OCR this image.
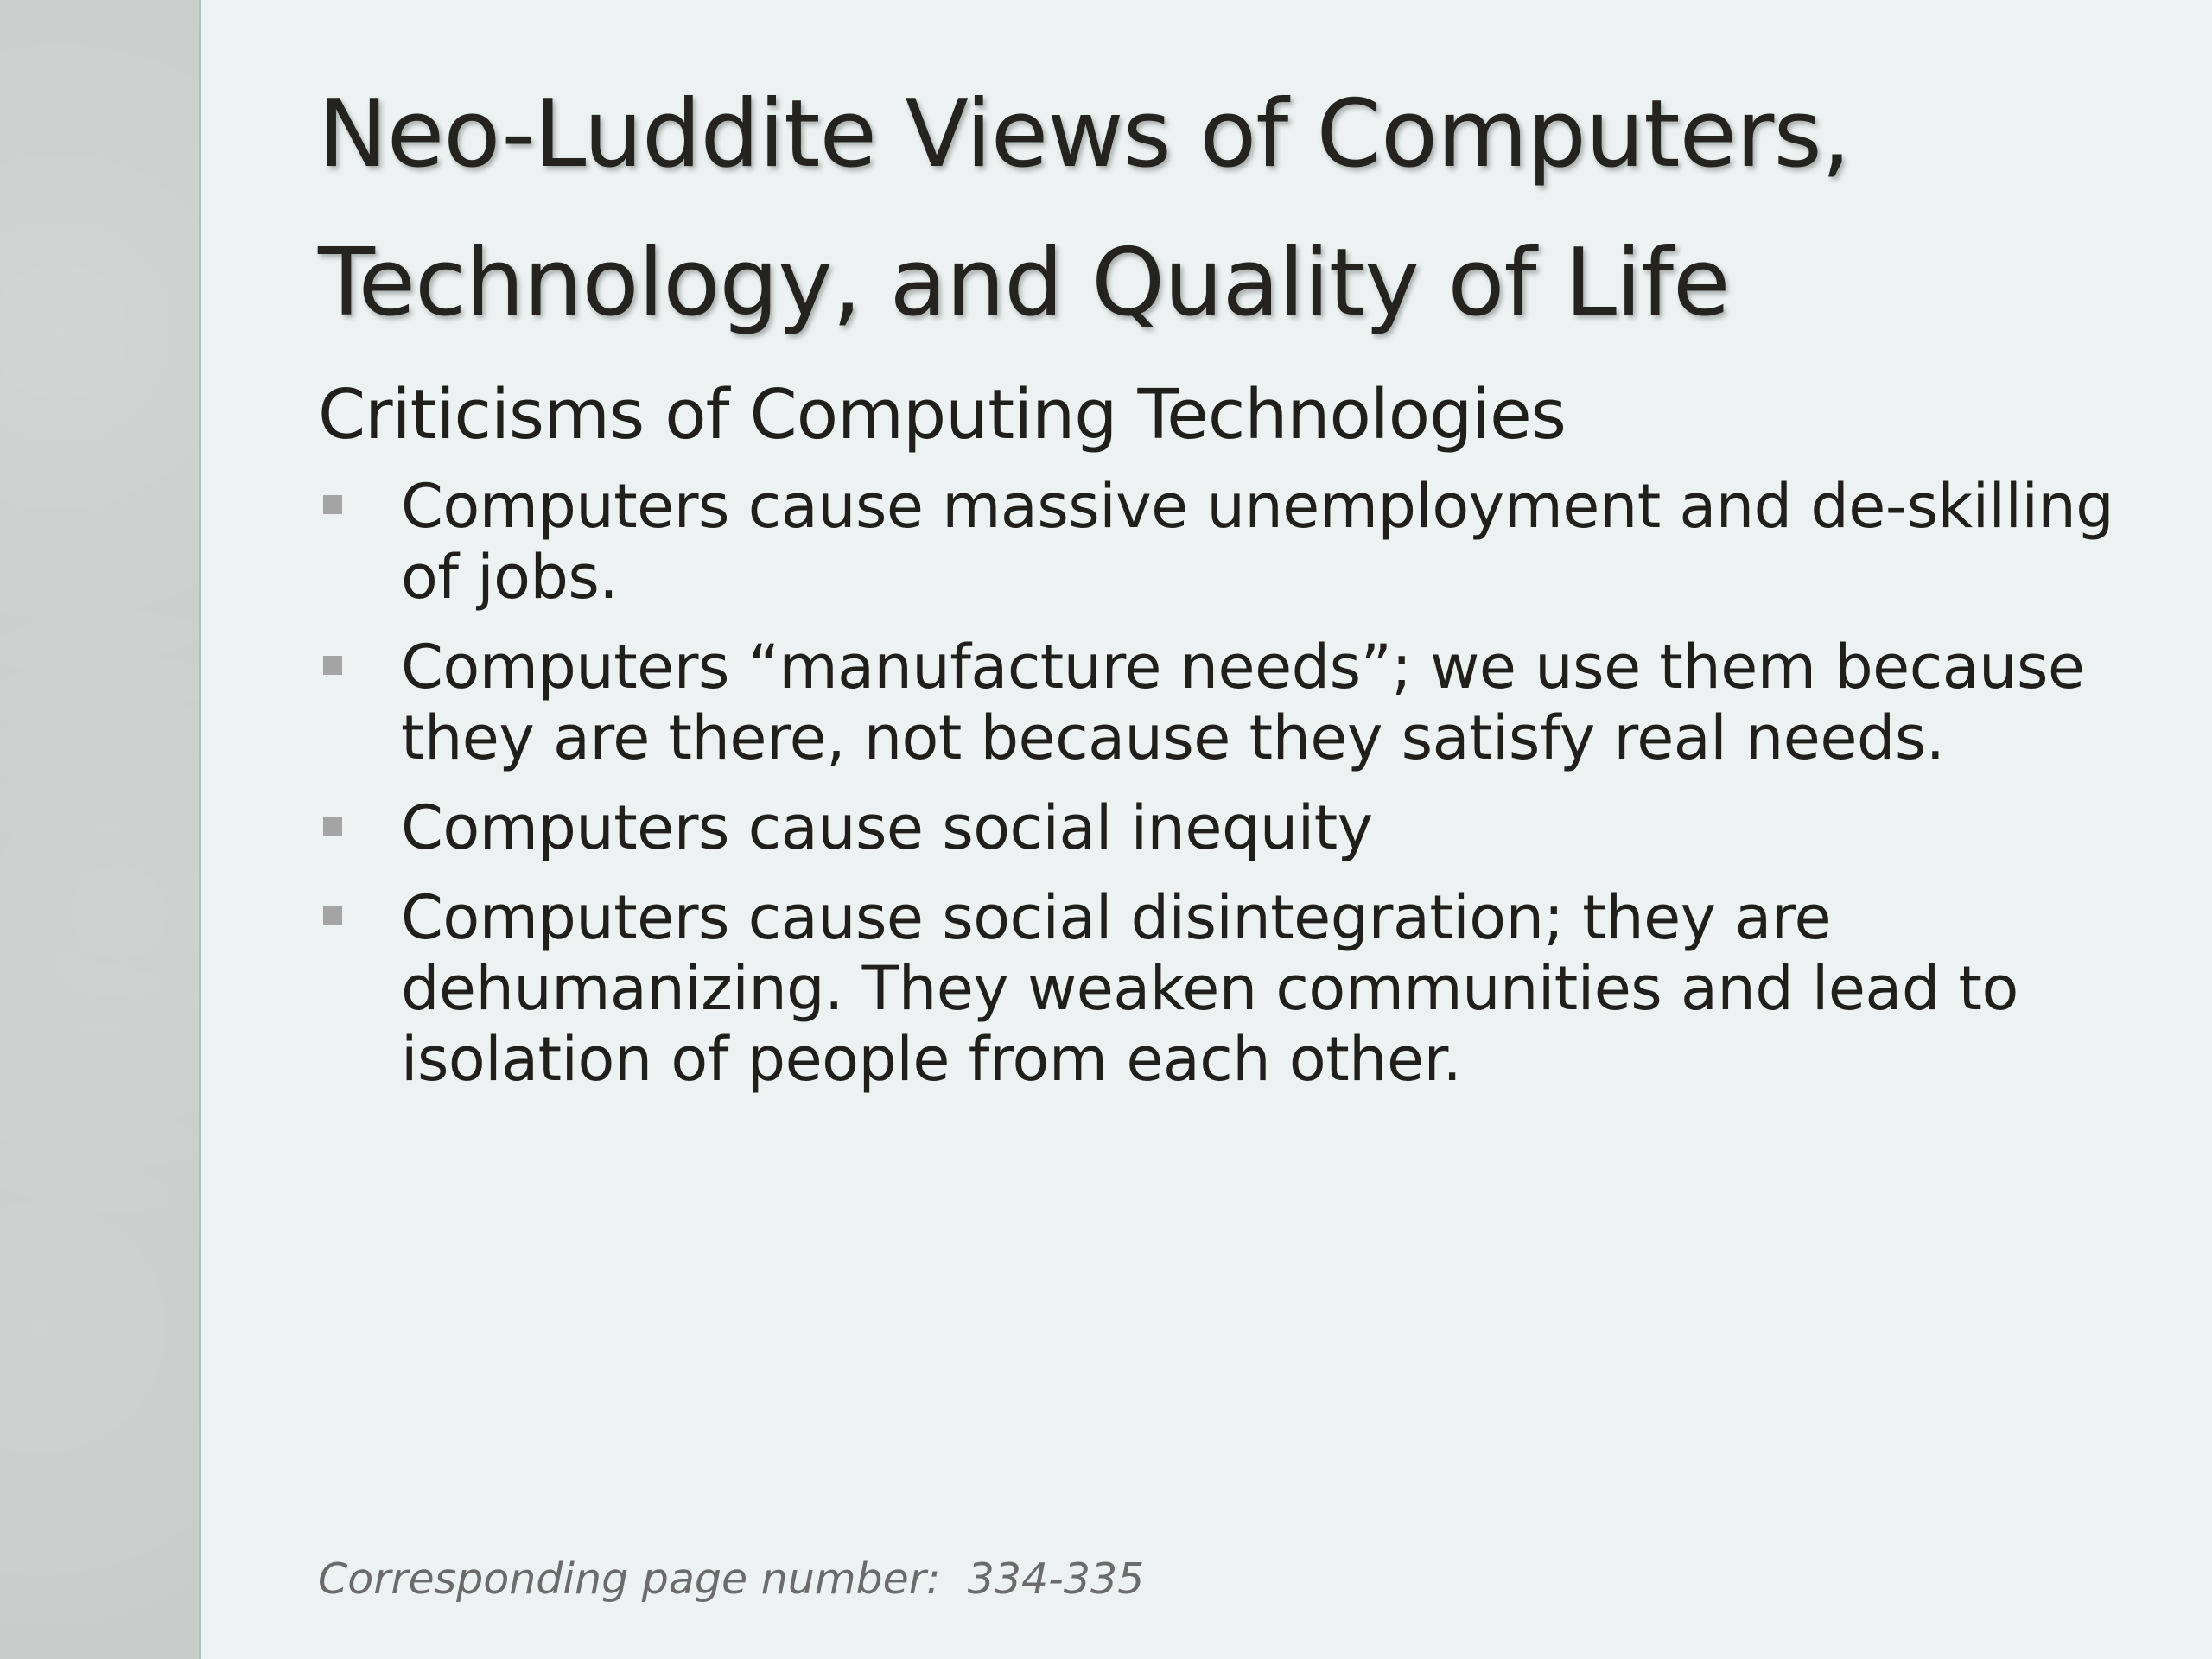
Neo-Luddite Views of Computers, Technology, and Quality of Life
Criticisms of Computing Technologies
Computers cause massive unemployment and de-skilling of jobs.
Computers “manufacture needs”; we use them because they are there, not because they satisfy real needs.
Computers cause social inequity
Computers cause social disintegration; they are dehumanizing. They weaken communities and lead to isolation of people from each other.

Corresponding page number:  334-335
